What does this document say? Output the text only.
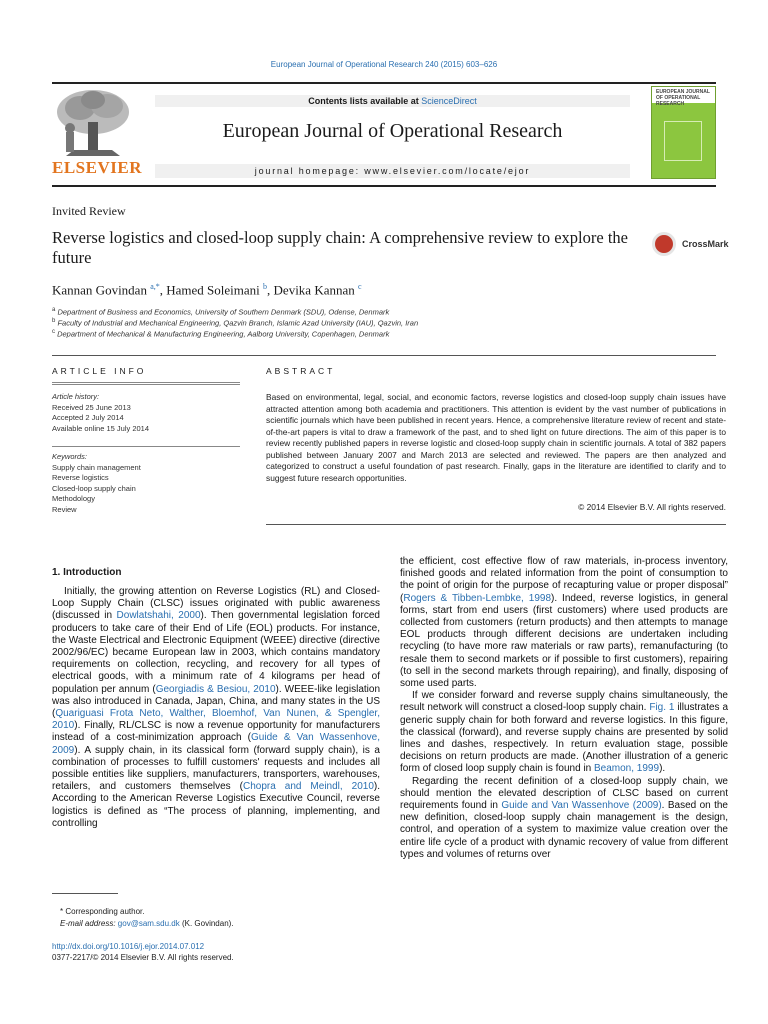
European Journal of Operational Research 240 (2015) 603–626
ELSEVIER
Contents lists available at ScienceDirect
European Journal of Operational Research
journal homepage: www.elsevier.com/locate/ejor
EUROPEAN JOURNAL OF OPERATIONAL RESEARCH
Invited Review
Reverse logistics and closed-loop supply chain: A comprehensive review to explore the future
CrossMark
Kannan Govindan $^{a,*}$, Hamed Soleimani $^b$, Devika Kannan $^c$
$^a$ Department of Business and Economics, University of Southern Denmark (SDU), Odense, Denmark
$^b$ Faculty of Industrial and Mechanical Engineering, Qazvin Branch, Islamic Azad University (IAU), Qazvin, Iran
$^c$ Department of Mechanical & Manufacturing Engineering, Aalborg University, Copenhagen, Denmark
ARTICLE INFO	ABSTRACT
Article history:
Received 25 June 2013
Accepted 2 July 2014
Available online 15 July 2014
Keywords:
Supply chain management
Reverse logistics
Closed-loop supply chain
Methodology
Review
Based on environmental, legal, social, and economic factors, reverse logistics and closed-loop supply chain issues have attracted attention among both academia and practitioners. This attention is evident by the vast number of publications in scientific journals which have been published in recent years. Hence, a comprehensive literature review of recent and state-of-the-art papers is vital to draw a framework of the past, and to shed light on future directions. The aim of this paper is to review recently published papers in reverse logistic and closed-loop supply chain in scientific journals. A total of 382 papers published between January 2007 and March 2013 are selected and reviewed. The papers are then analyzed and categorized to construct a useful foundation of past research. Finally, gaps in the literature are identified to clarify and to suggest future research opportunities.
© 2014 Elsevier B.V. All rights reserved.
1. Introduction

Initially, the growing attention on Reverse Logistics (RL) and Closed-Loop Supply Chain (CLSC) issues originated with public awareness (discussed in Dowlatshahi, 2000). Then governmental legislation forced producers to take care of their End of Life (EOL) products. For instance, the Waste Electrical and Electronic Equipment (WEEE) directive (directive 2002/96/EC) became European law in 2003, which contains mandatory requirements on collection, recycling, and recovery for all types of electrical goods, with a minimum rate of 4 kilograms per head of population per annum (Georgiadis & Besiou, 2010). WEEE-like legislation was also introduced in Canada, Japan, China, and many states in the US (Quariguasi Frota Neto, Walther, Bloemhof, Van Nunen, & Spengler, 2010). Finally, RL/CLSC is now a revenue opportunity for manufacturers instead of a cost-minimization approach (Guide & Van Wassenhove, 2009). A supply chain, in its classical form (forward supply chain), is a combination of processes to fulfill customers' requests and includes all possible entities like suppliers, manufacturers, transporters, warehouses, retailers, and customers themselves (Chopra and Meindl, 2010). According to the American Reverse Logistics Executive Council, reverse logistics is defined as “The process of planning, implementing, and controlling

the efficient, cost effective flow of raw materials, in-process inventory, finished goods and related information from the point of consumption to the point of origin for the purpose of recapturing value or proper disposal” (Rogers & Tibben-Lembke, 1998). Indeed, reverse logistics, in general forms, start from end users (first customers) where used products are collected from customers (return products) and then attempts to manage EOL products through different decisions are undertaken including recycling (to have more raw materials or raw parts), remanufacturing (to resale them to second markets or if possible to first customers), repairing (to sell in the second markets through repairing), and finally, disposing of some used parts.

If we consider forward and reverse supply chains simultaneously, the result network will construct a closed-loop supply chain. Fig. 1 illustrates a generic supply chain for both forward and reverse logistics. In this figure, the classical (forward), and reverse supply chains are presented by solid lines and dashes, respectively. In return evaluation stage, possible decisions on return products are made. (Another illustration of a generic form of closed loop supply chain is found in Beamon, 1999).

Regarding the recent definition of a closed-loop supply chain, we should mention the elevated description of CLSC based on current requirements found in Guide and Van Wassenhove (2009). Based on the new definition, closed-loop supply chain management is the design, control, and operation of a system to maximize value creation over the entire life cycle of a product with dynamic recovery of value from different types and volumes of returns over

* Corresponding author.
E-mail address: gov@sam.sdu.dk (K. Govindan).
http://dx.doi.org/10.1016/j.ejor.2014.07.012
0377-2217/© 2014 Elsevier B.V. All rights reserved.
